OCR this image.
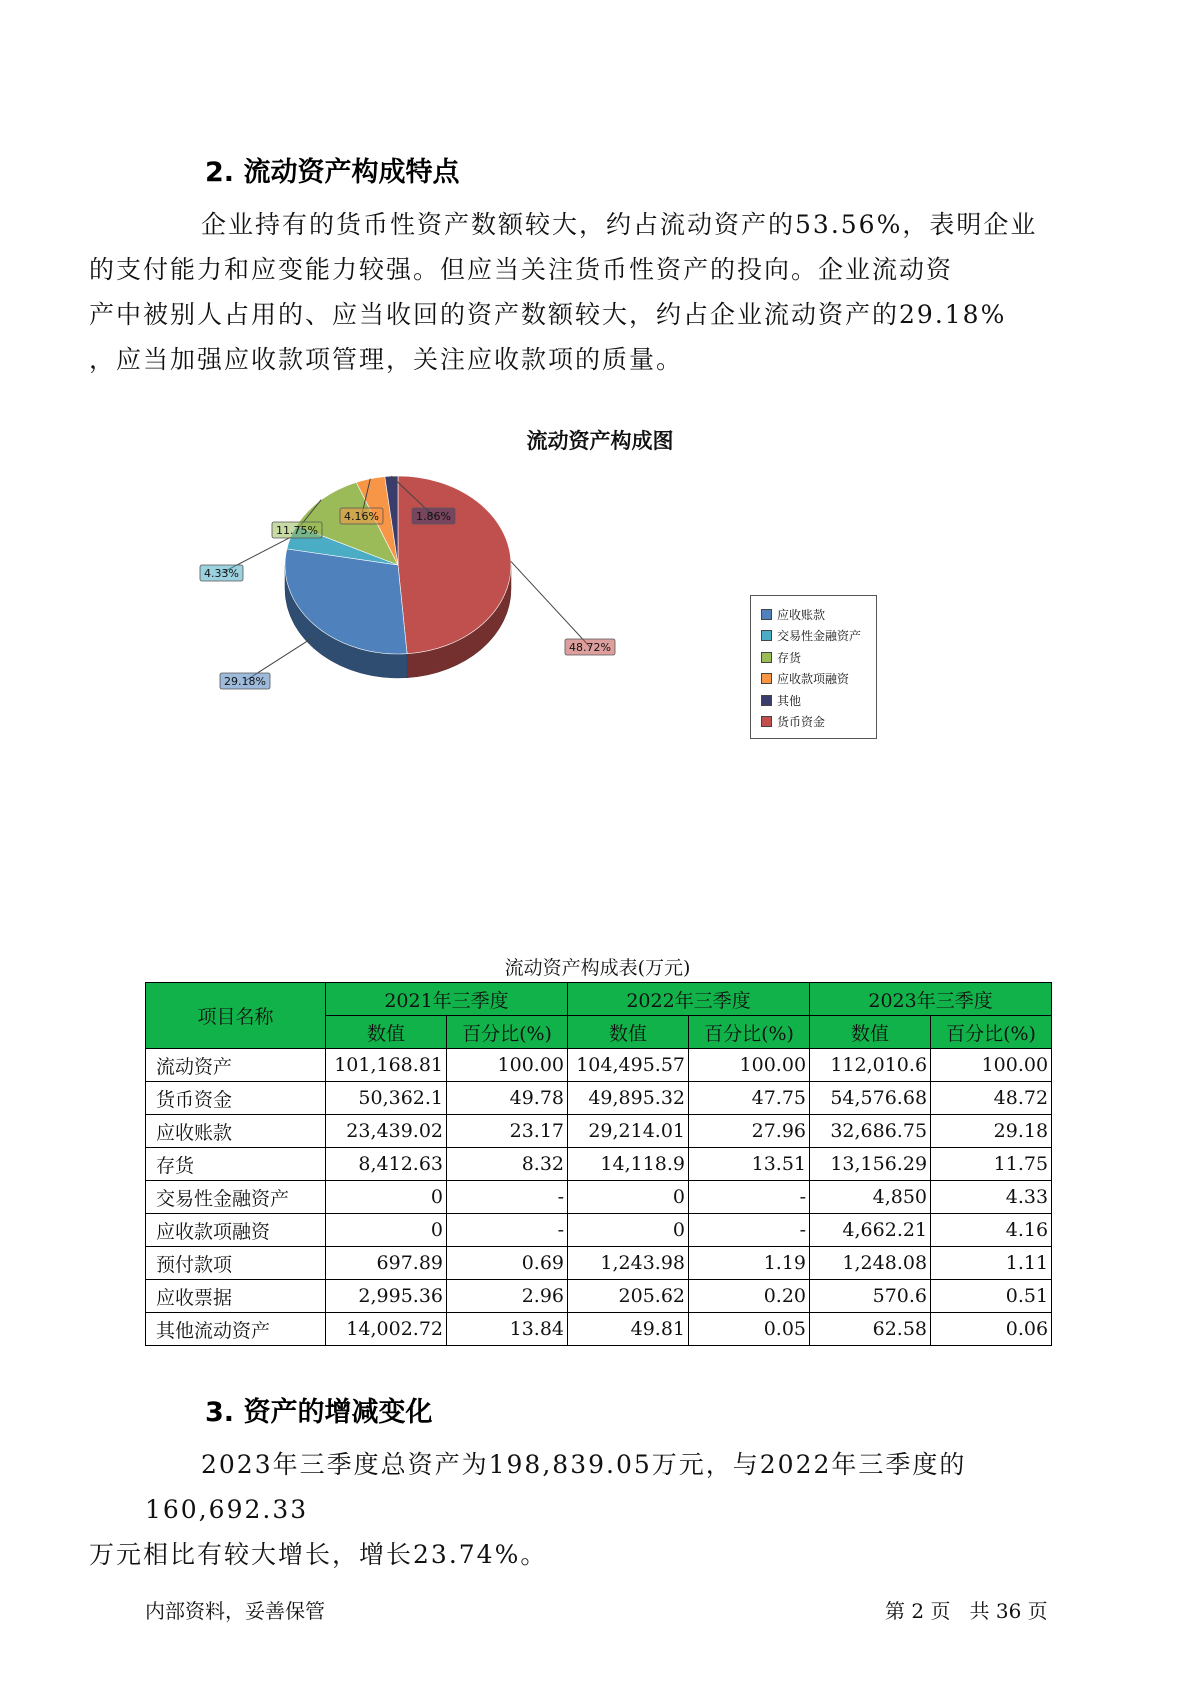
2. 流动资产构成特点
企业持有的货币性资产数额较大，约占流动资产的53.56%，表明企业
的支付能力和应变能力较强。但应当关注货币性资产的投向。企业流动资
产中被别人占用的、应当收回的资产数额较大，约占企业流动资产的29.18%
，应当加强应收款项管理，关注应收款项的质量。
流动资产构成图
48.72%
29.18%
4.33%
11.75%
4.16%	1.86%
应收账款
交易性金融资产
存货
应收款项融资
其他
货币资金
流动资产构成表(万元)
项目名称	2021年三季度		2022年三季度		2023年三季度	
	数值	百分比(%)	数值	百分比(%)	数值	百分比(%)
流动资产	101,168.81	100.00	104,495.57	100.00	112,010.6	100.00
货币资金	50,362.1	49.78	49,895.32	47.75	54,576.68	48.72
应收账款	23,439.02	23.17	29,214.01	27.96	32,686.75	29.18
存货	8,412.63	8.32	14,118.9	13.51	13,156.29	11.75
交易性金融资产	0	-	0	-	4,850	4.33
应收款项融资	0	-	0	-	4,662.21	4.16
预付款项	697.89	0.69	1,243.98	1.19	1,248.08	1.11
应收票据	2,995.36	2.96	205.62	0.20	570.6	0.51
其他流动资产	14,002.72	13.84	49.81	0.05	62.58	0.06
3. 资产的增减变化
2023年三季度总资产为198,839.05万元，与2022年三季度的160,692.33
万元相比有较大增长，增长23.74%。
内部资料，妥善保管	第 2 页   共 36 页
